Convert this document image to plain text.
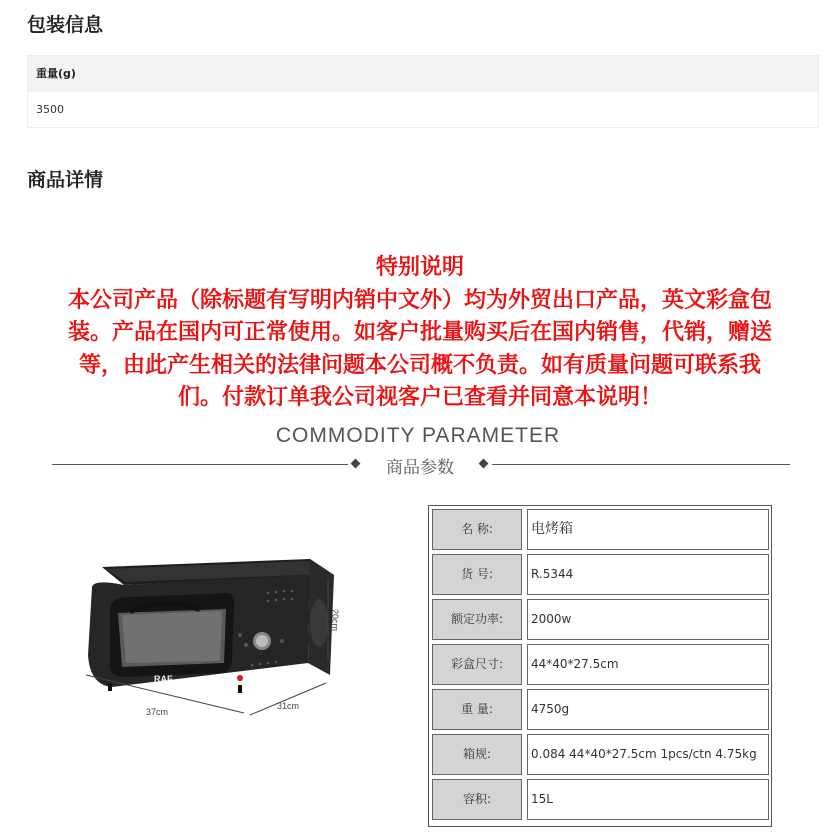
包装信息
重量(g)
3500
商品详情
特别说明
本公司产品（除标题有写明内销中文外）均为外贸出口产品，英文彩盒包
装。产品在国内可正常使用。如客户批量购买后在国内销售，代销，赠送
等，由此产生相关的法律问题本公司概不负责。如有质量问题可联系我
们。付款订单我公司视客户已查看并同意本说明！
COMMODITY PARAMETER
商品参数
RAF
37cm
31cm
20cm
名 称:	电烤箱
货 号:	R.5344
额定功率:	2000w
彩盒尺寸:	44*40*27.5cm
重 量:	4750g
箱规:	0.084 44*40*27.5cm 1pcs/ctn 4.75kg
容积:	15L
